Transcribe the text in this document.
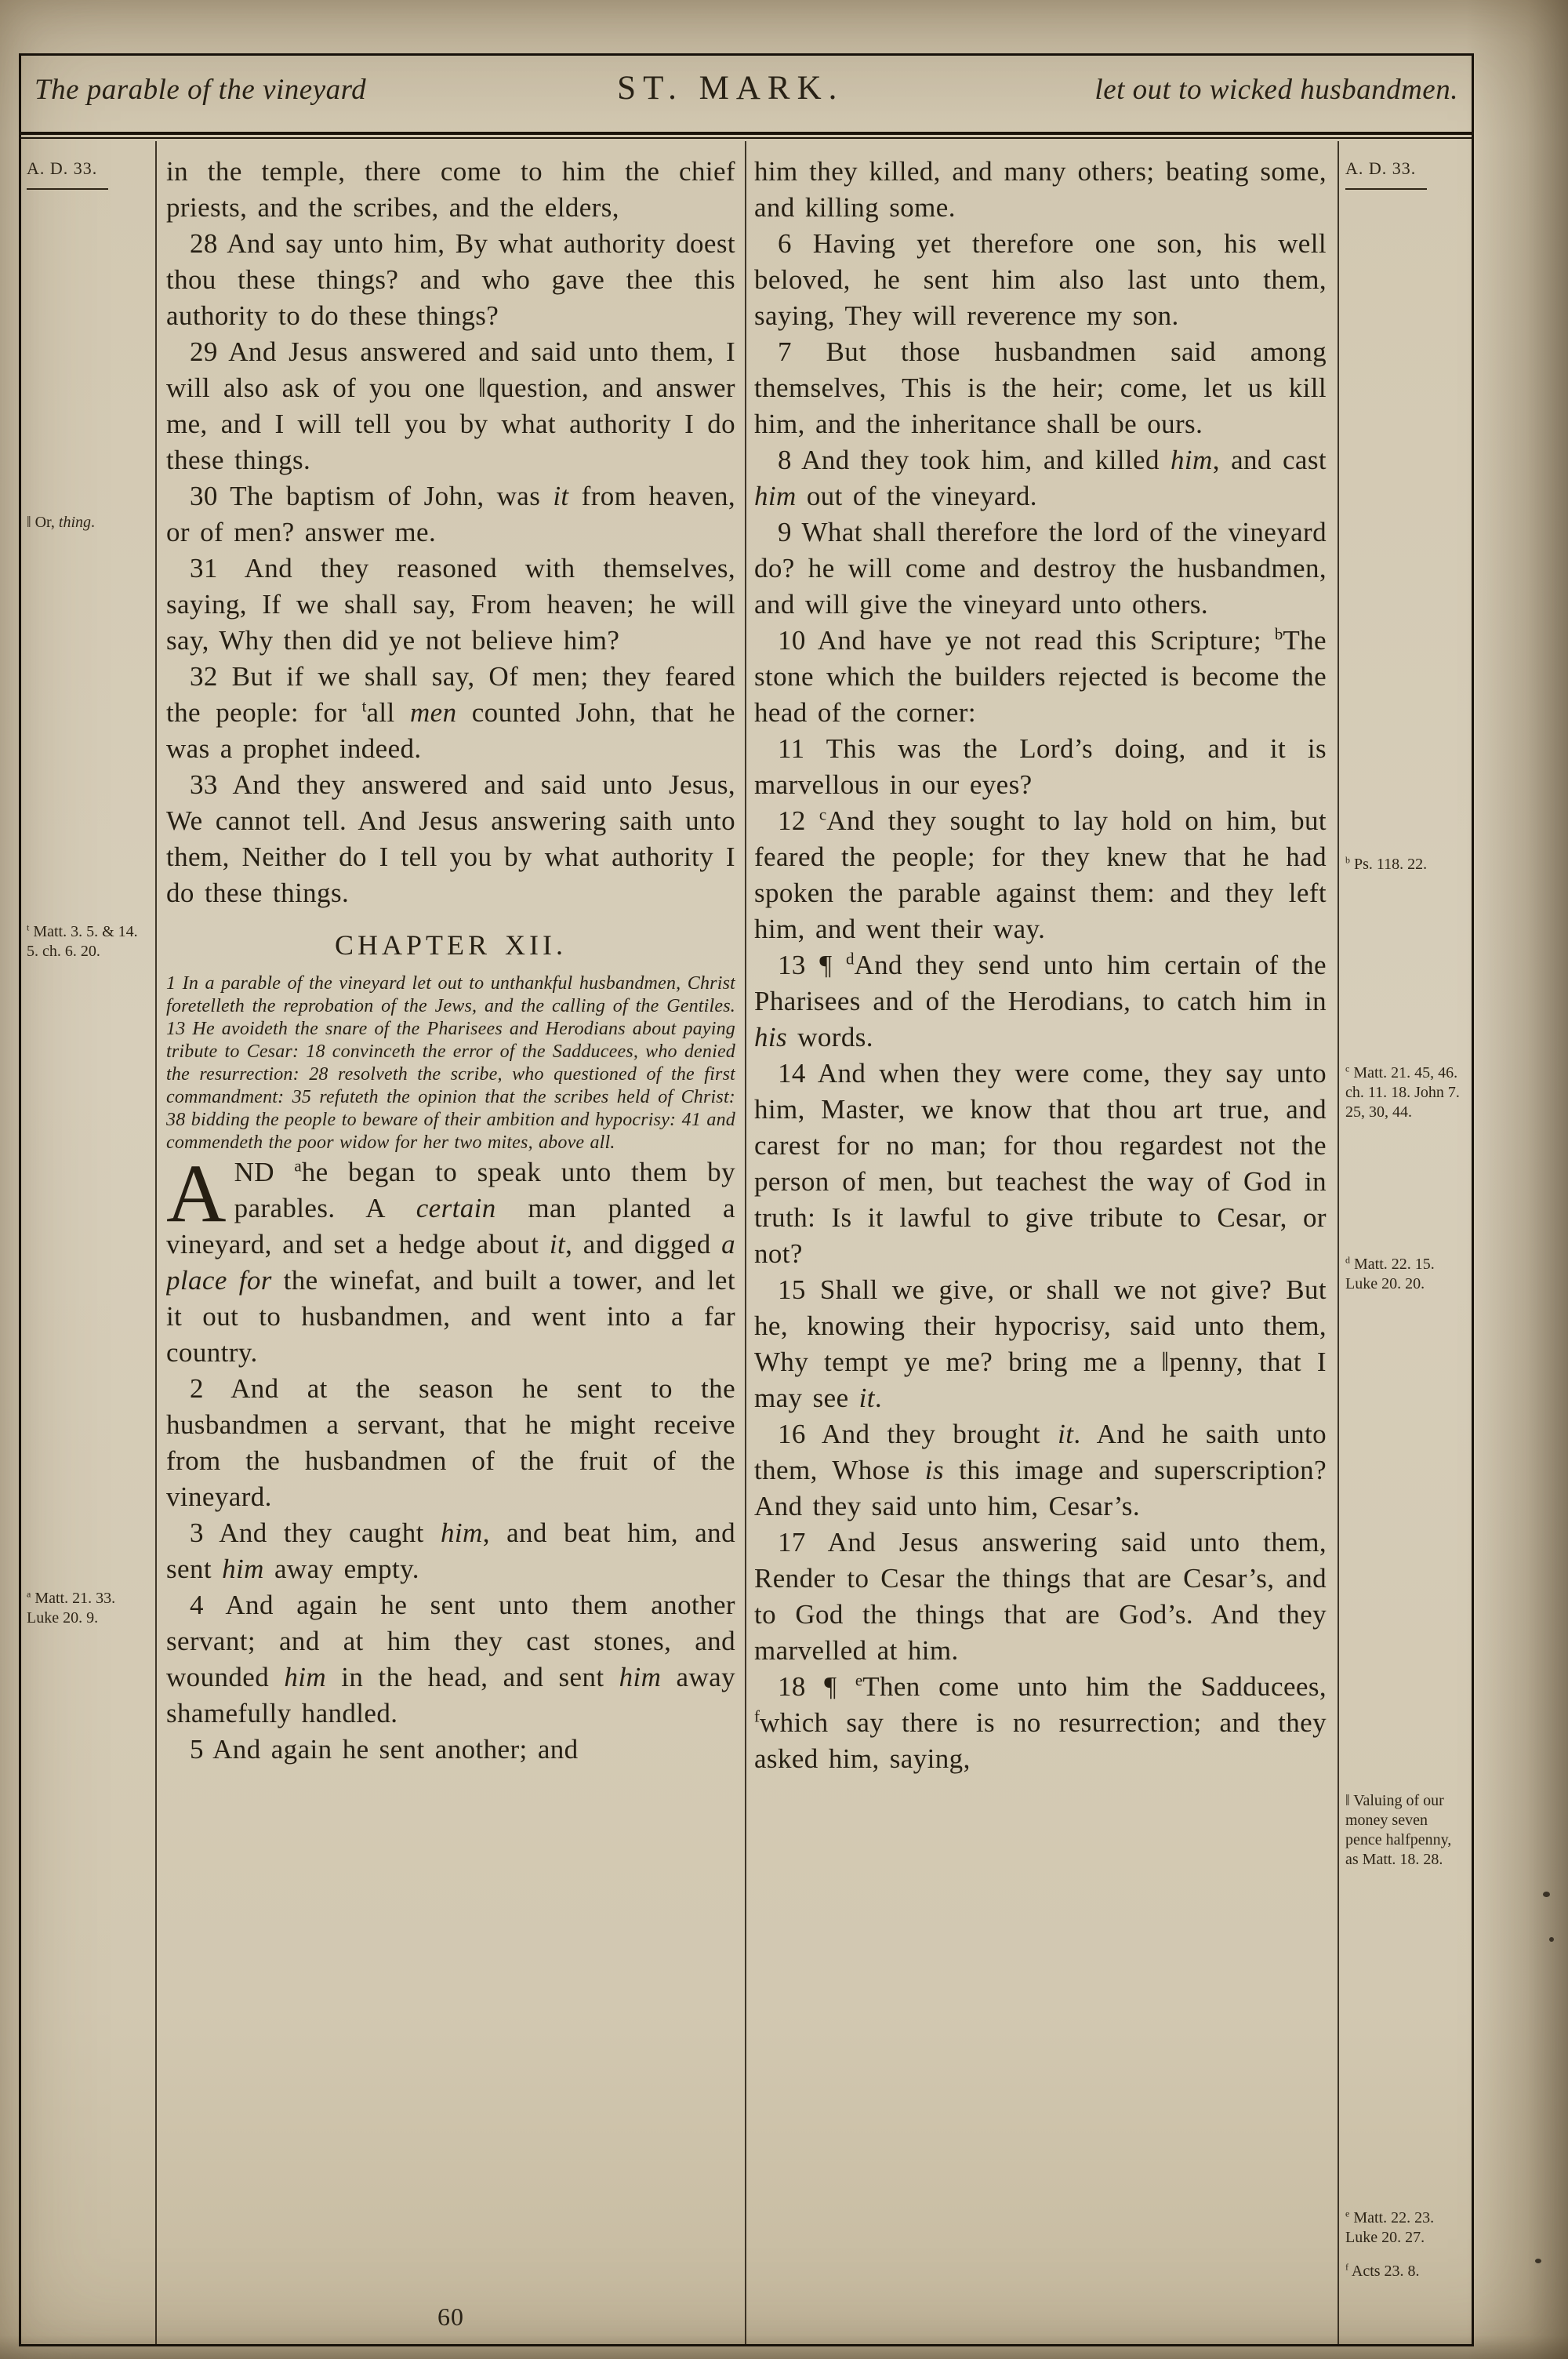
The parable of the vineyard	ST. MARK.	let out to wicked husbandmen.
A. D. 33.
‖ Or, thing.
$^t$ Matt. 3. 5. & 14. 5. ch. 6. 20.
$^a$ Matt. 21. 33. Luke 20. 9.

in the temple, there come to him the chief priests, and the scribes, and the elders,

28 And say unto him, By what authority doest thou these things? and who gave thee this authority to do these things?

29 And Jesus answered and said unto them, I will also ask of you one ‖question, and answer me, and I will tell you by what authority I do these things.

30 The baptism of John, was it from heaven, or of men? answer me.

31 And they reasoned with themselves, saying, If we shall say, From heaven; he will say, Why then did ye not believe him?

32 But if we shall say, Of men; they feared the people: for $^t$all men counted John, that he was a prophet indeed.

33 And they answered and said unto Jesus, We cannot tell. And Jesus answering saith unto them, Neither do I tell you by what authority I do these things.

CHAPTER XII.

1 In a parable of the vineyard let out to unthankful husbandmen, Christ foretelleth the reprobation of the Jews, and the calling of the Gentiles. 13 He avoideth the snare of the Pharisees and Herodians about paying tribute to Cesar: 18 convinceth the error of the Sadducees, who denied the resurrection: 28 resolveth the scribe, who questioned of the first commandment: 35 refuteth the opinion that the scribes held of Christ: 38 bidding the people to beware of their ambition and hypocrisy: 41 and commendeth the poor widow for her two mites, above all.

AND $^a$he began to speak unto them by parables. A certain man planted a vineyard, and set a hedge about it, and digged a place for the winefat, and built a tower, and let it out to husbandmen, and went into a far country.

2 And at the season he sent to the husbandmen a servant, that he might receive from the husbandmen of the fruit of the vineyard.

3 And they caught him, and beat him, and sent him away empty.

4 And again he sent unto them another servant; and at him they cast stones, and wounded him in the head, and sent him away shamefully handled.

5 And again he sent another; and

him they killed, and many others; beating some, and killing some.

6 Having yet therefore one son, his well beloved, he sent him also last unto them, saying, They will reverence my son.

7 But those husbandmen said among themselves, This is the heir; come, let us kill him, and the inheritance shall be ours.

8 And they took him, and killed him, and cast him out of the vineyard.

9 What shall therefore the lord of the vineyard do? he will come and destroy the husbandmen, and will give the vineyard unto others.

10 And have ye not read this Scripture; $^b$The stone which the builders rejected is become the head of the corner:

11 This was the Lord’s doing, and it is marvellous in our eyes?

12 $^c$And they sought to lay hold on him, but feared the people; for they knew that he had spoken the parable against them: and they left him, and went their way.

13 ¶ $^d$And they send unto him certain of the Pharisees and of the Herodians, to catch him in his words.

14 And when they were come, they say unto him, Master, we know that thou art true, and carest for no man; for thou regardest not the person of men, but teachest the way of God in truth: Is it lawful to give tribute to Cesar, or not?

15 Shall we give, or shall we not give? But he, knowing their hypocrisy, said unto them, Why tempt ye me? bring me a ‖penny, that I may see it.

16 And they brought it. And he saith unto them, Whose is this image and superscription? And they said unto him, Cesar’s.

17 And Jesus answering said unto them, Render to Cesar the things that are Cesar’s, and to God the things that are God’s. And they marvelled at him.

18 ¶ $^e$Then come unto him the Sadducees, $^f$which say there is no resurrection; and they asked him, saying,

A. D. 33.
$^b$ Ps. 118. 22.
$^c$ Matt. 21. 45, 46. ch. 11. 18. John 7. 25, 30, 44.
$^d$ Matt. 22. 15. Luke 20. 20.
‖ Valuing of our money seven pence halfpenny, as Matt. 18. 28.
$^e$ Matt. 22. 23. Luke 20. 27.
$^f$ Acts 23. 8.
60
